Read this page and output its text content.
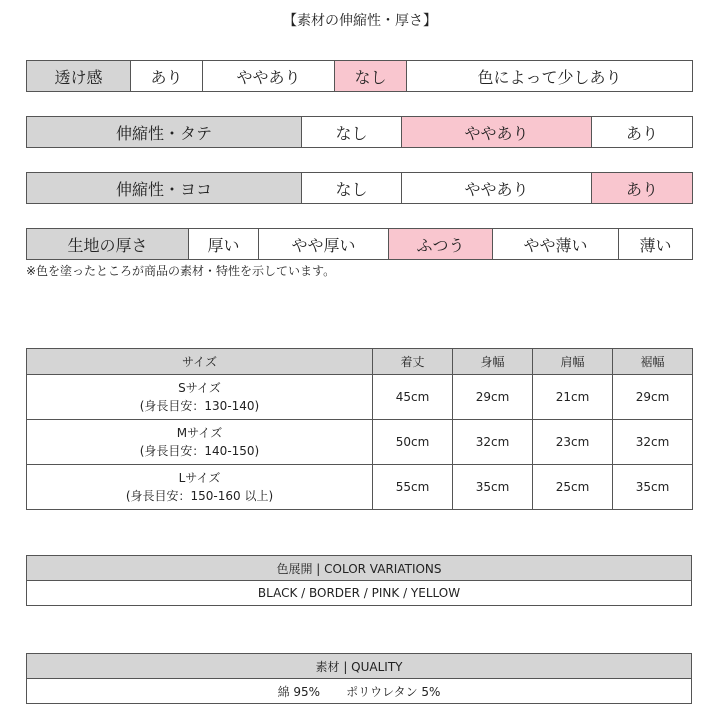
【素材の伸縮性・厚さ】
透け感	あり	ややあり	なし	色によって少しあり
伸縮性・タテ	なし	ややあり	あり
伸縮性・ヨコ	なし	ややあり	あり
生地の厚さ	厚い	やや厚い	ふつう	やや薄い	薄い
※色を塗ったところが商品の素材・特性を示しています。
サイズ	着丈	身幅	肩幅	裾幅
Sサイズ
(身長目安：130-140)	45cm	29cm	21cm	29cm
Mサイズ
(身長目安：140-150)	50cm	32cm	23cm	32cm
Lサイズ
(身長目安：150-160 以上)	55cm	35cm	25cm	35cm
色展開 | COLOR VARIATIONS
BLACK / BORDER / PINK / YELLOW
素材 | QUALITY
綿 95% ポリウレタン 5%
